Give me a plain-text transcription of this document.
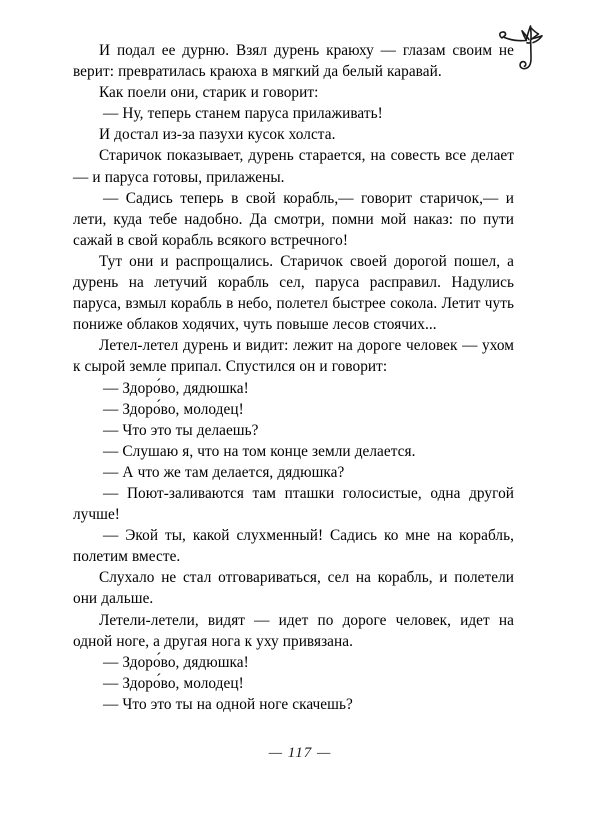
И подал ее дурню. Взял дурень краюху — глазам своим не верит: превратилась краюха в мягкий да белый каравай.

Как поели они, старик и говорит:

— Ну, теперь станем паруса прилаживать!

И достал из-за пазухи кусок холста.

Старичок показывает, дурень старается, на совесть все делает — и паруса готовы, прилажены.

— Садись теперь в свой корабль,— говорит старичок,— и лети, куда тебе надобно. Да смотри, помни мой наказ: по пути сажай в свой корабль всякого встречного!

Тут они и распрощались. Старичок своей дорогой пошел, а дурень на летучий корабль сел, паруса расправил. Надулись паруса, взмыл корабль в небо, полетел быстрее сокола. Летит чуть пониже облаков ходячих, чуть повыше лесов стоячих...

Летел-летел дурень и видит: лежит на дороге человек — ухом к сырой земле припал. Спустился он и говорит:

— Здоро́во, дядюшка!

— Здоро́во, молодец!

— Что это ты делаешь?

— Слушаю я, что на том конце земли делается.

— А что же там делается, дядюшка?

— Поют-заливаются там пташки голосистые, одна другой лучше!

— Экой ты, какой слухменный! Садись ко мне на корабль, полетим вместе.

Слухало не стал отговариваться, сел на корабль, и полетели они дальше.

Летели-летели, видят — идет по дороге человек, идет на одной ноге, а другая нога к уху привязана.

— Здоро́во, дядюшка!

— Здоро́во, молодец!

— Что это ты на одной ноге скачешь?

— 117 —
